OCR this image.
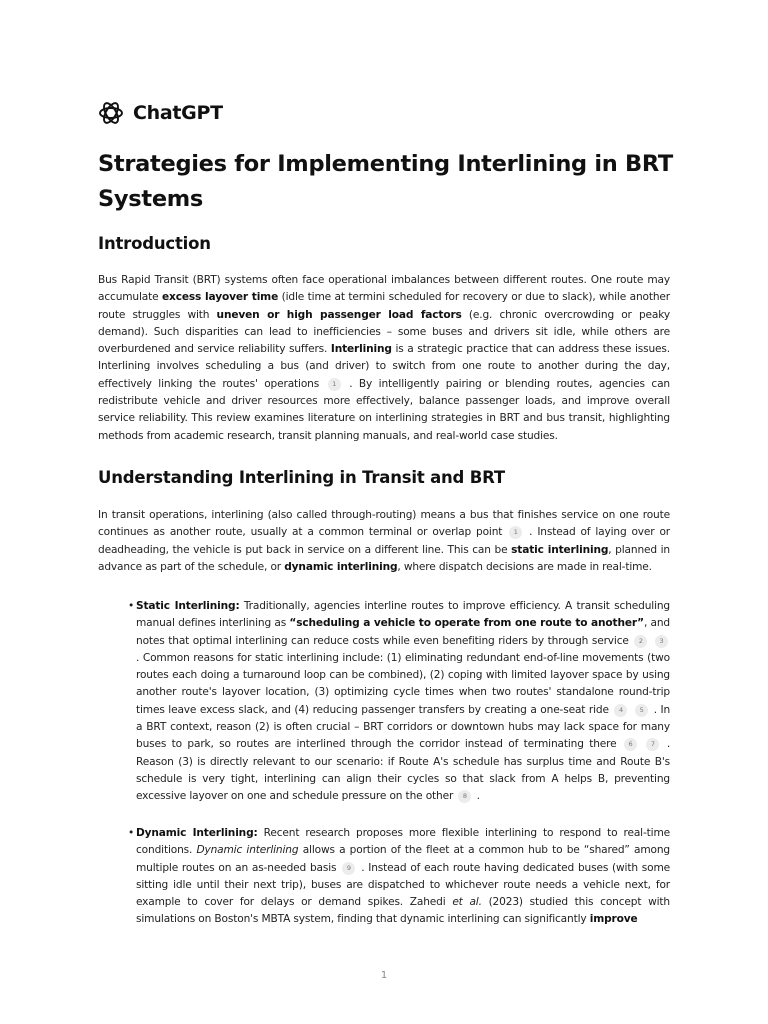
ChatGPT
Strategies for Implementing Interlining in BRT Systems
Introduction

Bus Rapid Transit (BRT) systems often face operational imbalances between different routes. One route may accumulate excess layover time (idle time at termini scheduled for recovery or due to slack), while another route struggles with uneven or high passenger load factors (e.g. chronic overcrowding or peaky demand). Such disparities can lead to inefficiencies – some buses and drivers sit idle, while others are overburdened and service reliability suffers. Interlining is a strategic practice that can address these issues. Interlining involves scheduling a bus (and driver) to switch from one route to another during the day, effectively linking the routes' operations 1 . By intelligently pairing or blending routes, agencies can redistribute vehicle and driver resources more effectively, balance passenger loads, and improve overall service reliability. This review examines literature on interlining strategies in BRT and bus transit, highlighting methods from academic research, transit planning manuals, and real-world case studies.

Understanding Interlining in Transit and BRT

In transit operations, interlining (also called through-routing) means a bus that finishes service on one route continues as another route, usually at a common terminal or overlap point 1 . Instead of laying over or deadheading, the vehicle is put back in service on a different line. This can be static interlining, planned in advance as part of the schedule, or dynamic interlining, where dispatch decisions are made in real-time.

• Static Interlining: Traditionally, agencies interline routes to improve efficiency. A transit scheduling manual defines interlining as “scheduling a vehicle to operate from one route to another”, and notes that optimal interlining can reduce costs while even benefiting riders by through service 2	3 . Common reasons for static interlining include: (1) eliminating redundant end-of-line movements (two routes each doing a turnaround loop can be combined), (2) coping with limited layover space by using another route's layover location, (3) optimizing cycle times when two routes' standalone round-trip times leave excess slack, and (4) reducing passenger transfers by creating a one-seat ride 4	5 . In a BRT context, reason (2) is often crucial – BRT corridors or downtown hubs may lack space for many buses to park, so routes are interlined through the corridor instead of terminating there 6	7 . Reason (3) is directly relevant to our scenario: if Route A's schedule has surplus time and Route B's schedule is very tight, interlining can align their cycles so that slack from A helps B, preventing excessive layover on one and schedule pressure on the other 8 .

• Dynamic Interlining: Recent research proposes more flexible interlining to respond to real-time conditions. Dynamic interlining allows a portion of the fleet at a common hub to be “shared” among multiple routes on an as-needed basis 9 . Instead of each route having dedicated buses (with some sitting idle until their next trip), buses are dispatched to whichever route needs a vehicle next, for example to cover for delays or demand spikes. Zahedi et al. (2023) studied this concept with simulations on Boston's MBTA system, finding that dynamic interlining can significantly improve

1
